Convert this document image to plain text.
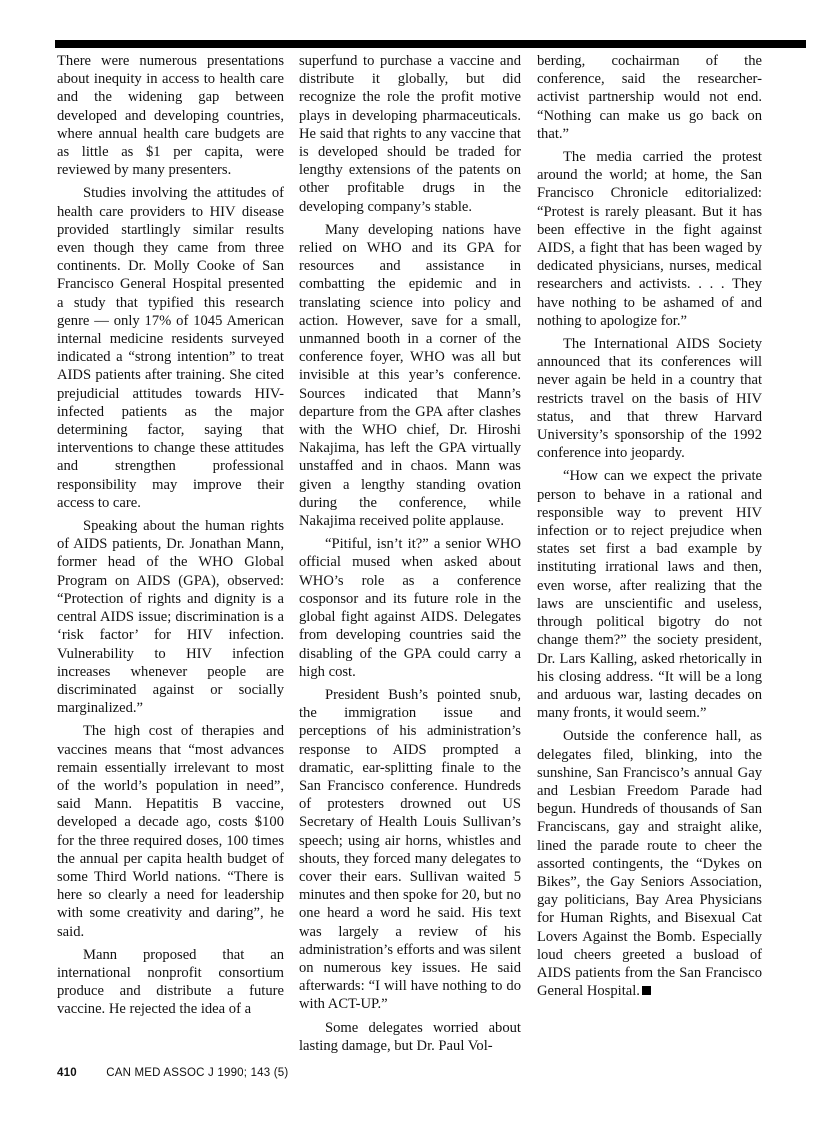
There were numerous presentations about inequity in access to health care and the widening gap between developed and developing countries, where annual health care budgets are as little as $1 per capita, were reviewed by many presenters.

Studies involving the attitudes of health care providers to HIV disease provided startlingly similar results even though they came from three continents. Dr. Molly Cooke of San Francisco General Hospital presented a study that typified this research genre — only 17% of 1045 American internal medicine residents surveyed indicated a “strong intention” to treat AIDS patients after training. She cited prejudicial attitudes towards HIV-infected patients as the major determining factor, saying that interventions to change these attitudes and strengthen professional responsibility may improve their access to care.

Speaking about the human rights of AIDS patients, Dr. Jonathan Mann, former head of the WHO Global Program on AIDS (GPA), observed: “Protection of rights and dignity is a central AIDS issue; discrimination is a ‘risk factor’ for HIV infection. Vulnerability to HIV infection increases whenever people are discriminated against or socially marginalized.”

The high cost of therapies and vaccines means that “most advances remain essentially irrelevant to most of the world’s population in need”, said Mann. Hepatitis B vaccine, developed a decade ago, costs $100 for the three required doses, 100 times the annual per capita health budget of some Third World nations. “There is here so clearly a need for leadership with some creativity and daring”, he said.

Mann proposed that an international nonprofit consortium produce and distribute a future vaccine. He rejected the idea of a

superfund to purchase a vaccine and distribute it globally, but did recognize the role the profit motive plays in developing pharmaceuticals. He said that rights to any vaccine that is developed should be traded for lengthy extensions of the patents on other profitable drugs in the developing company’s stable.

Many developing nations have relied on WHO and its GPA for resources and assistance in combatting the epidemic and in translating science into policy and action. However, save for a small, unmanned booth in a corner of the conference foyer, WHO was all but invisible at this year’s conference. Sources indicated that Mann’s departure from the GPA after clashes with the WHO chief, Dr. Hiroshi Nakajima, has left the GPA virtually unstaffed and in chaos. Mann was given a lengthy standing ovation during the conference, while Nakajima received polite applause.

“Pitiful, isn’t it?” a senior WHO official mused when asked about WHO’s role as a conference cosponsor and its future role in the global fight against AIDS. Delegates from developing countries said the disabling of the GPA could carry a high cost.

President Bush’s pointed snub, the immigration issue and perceptions of his administration’s response to AIDS prompted a dramatic, ear-splitting finale to the San Francisco conference. Hundreds of protesters drowned out US Secretary of Health Louis Sullivan’s speech; using air horns, whistles and shouts, they forced many delegates to cover their ears. Sullivan waited 5 minutes and then spoke for 20, but no one heard a word he said. His text was largely a review of his administration’s efforts and was silent on numerous key issues. He said afterwards: “I will have nothing to do with ACT-UP.”

Some delegates worried about lasting damage, but Dr. Paul Vol-

berding, cochairman of the conference, said the researcher-activist partnership would not end. “Nothing can make us go back on that.”

The media carried the protest around the world; at home, the San Francisco Chronicle editorialized: “Protest is rarely pleasant. But it has been effective in the fight against AIDS, a fight that has been waged by dedicated physicians, nurses, medical researchers and activists. . . . They have nothing to be ashamed of and nothing to apologize for.”

The International AIDS Society announced that its conferences will never again be held in a country that restricts travel on the basis of HIV status, and that threw Harvard University’s sponsorship of the 1992 conference into jeopardy.

“How can we expect the private person to behave in a rational and responsible way to prevent HIV infection or to reject prejudice when states set first a bad example by instituting irrational laws and then, even worse, after realizing that the laws are unscientific and useless, through political bigotry do not change them?” the society president, Dr. Lars Kalling, asked rhetorically in his closing address. “It will be a long and arduous war, lasting decades on many fronts, it would seem.”

Outside the conference hall, as delegates filed, blinking, into the sunshine, San Francisco’s annual Gay and Lesbian Freedom Parade had begun. Hundreds of thousands of San Franciscans, gay and straight alike, lined the parade route to cheer the assorted contingents, the “Dykes on Bikes”, the Gay Seniors Association, gay politicians, Bay Area Physicians for Human Rights, and Bisexual Cat Lovers Against the Bomb. Especially loud cheers greeted a busload of AIDS patients from the San Francisco General Hospital.

410	CAN MED ASSOC J 1990; 143 (5)
